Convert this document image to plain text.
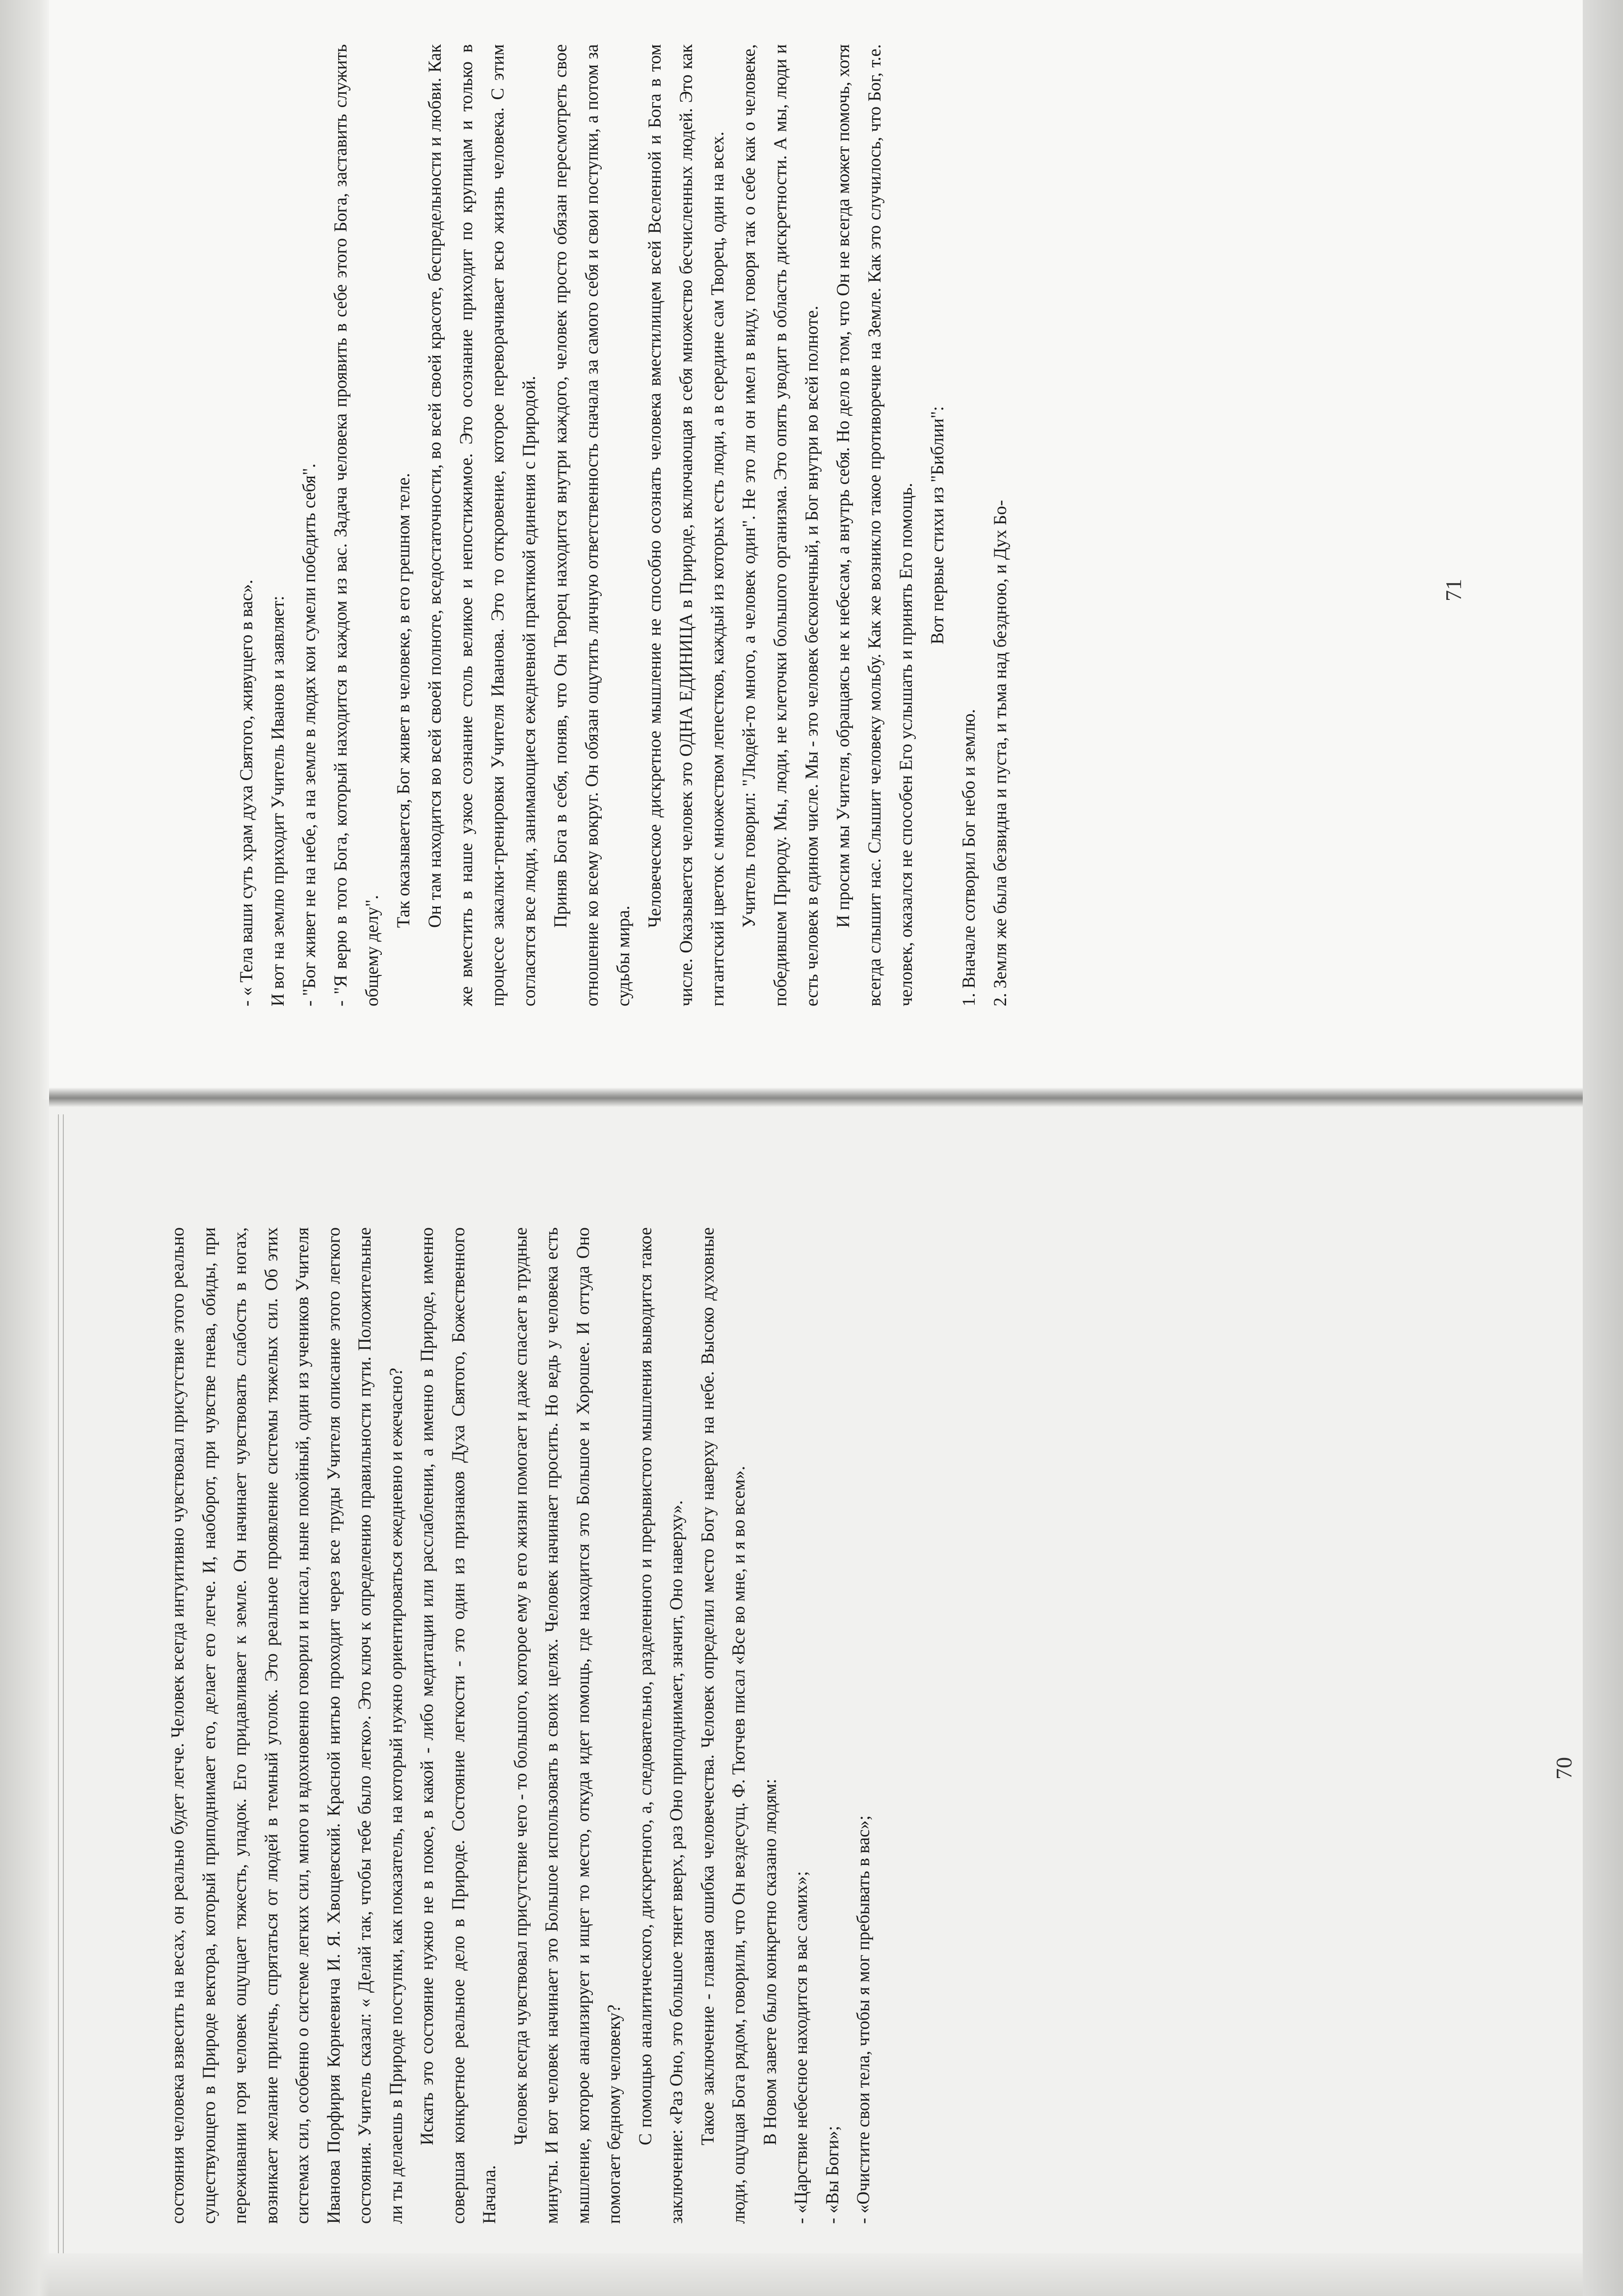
- « Тела ваши суть храм духа Святого, живущего в вас». И вот на землю приходит Учитель Иванов и заявляет: - "Бог живет не на небе, а на земле в людях кои сумели победить себя". - "Я верю в того Бога, который находится в каждом из вас. Задача человека проявить в себе этого Бога, заставить служить общему делу".

Так оказывается, Бог живет в человеке, в его грешном теле. Он там находится во всей своей полноте, вседостаточности, во всей своей красоте, беспредельности и любви. Как же вместить в наше узкое сознание столь великое и непостижимое. Это осознание приходит по крупицам и только в процессе закалки-тренировки Учителя Иванова. Это то откровение, которое переворачивает всю жизнь человека. С этим согласятся все люди, занимающиеся ежедневной практикой единения с Природой. Приняв Бога в себя, поняв, что Он Творец находится внутри каждого, человек просто обязан пересмотреть свое отношение ко всему вокруг. Он обязан ощутить личную ответственность сначала за самого себя и свои поступки, а потом за судьбы мира.

Человеческое дискретное мышление не способно осознать человека вместилищем всей Вселенной и Бога в том числе. Оказывается человек это ОДНА ЕДИНИЦА в Природе, включающая в себя множество бесчисленных людей. Это как гигантский цветок с множеством лепестков, каждый из которых есть люди, а в середине сам Творец, один на всех. Учитель говорил: "Людей-то много, а человек один". Не это ли он имел в виду, говоря так о себе как о человеке, победившем Природу. Мы, люди, не клеточки большого организма. Это опять уводит в область дискретности. А мы, люди и есть человек в едином числе. Мы - это человек бесконечный, и Бог внутри во всей полноте. И просим мы Учителя, обращаясь не к небесам, а внутрь себя. Но дело в том, что Он не всегда может помочь, хотя всегда слышит нас. Слышит человеку мольбу. Как же возникло такое противоречие на Земле. Как это случилось, что Бог, т.е. человек, оказался не способен Его услышать и принять Его помощь. Вот первые стихи из "Библии":

1. Вначале сотворил Бог небо и землю. 2. Земля же была безвидна и пуста, и тьма над бездною, и Дух Бо-	71

состояния человека взвесить на весах, он реально будет легче. Человек всегда интуитивно чувствовал присутствие этого реально существующего в Природе вектора, который приподнимает его, делает его легче. И, наоборот, при чувстве гнева, обиды, при переживании горя человек ощущает тяжесть, упадок. Его придавливает к земле. Он начинает чувствовать слабость в ногах, возникает желание прилечь, спрятаться от людей в темный уголок. Это реальное проявление системы тяжелых сил. Об этих системах сил, особенно о системе легких сил, много и вдохновенно говорил и писал, ныне покойный, один из учеников Учителя Иванова Порфирия Корнеевича И. Я. Хвощевский. Красной нитью проходит через все труды Учителя описание этого легкого состояния. Учитель сказал: « Делай так, чтобы тебе было легко». Это ключ к определению правильности пути. Положительные ли ты делаешь в Природе поступки, как показатель, на который нужно ориентироваться ежедневно и ежечасно? Искать это состояние нужно не в покое, в какой - либо медитации или расслаблении, а именно в Природе, именно совершая конкретное реальное дело в Природе. Состояние легкости - это один из признаков Духа Святого, Божественного Начала.

Человек всегда чувствовал присутствие чего - то большого, которое ему в его жизни помогает и даже спасает в трудные минуты. И вот человек начинает это Большое использовать в своих целях. Человек начинает просить. Но ведь у человека есть мышление, которое анализирует и ищет то место, откуда идет помощь, где находится это Большое и Хорошее. И оттуда Оно помогает бедному человеку? С помощью аналитического, дискретного, а, следовательно, разделенного и прерывистого мышления выводится такое заключение: «Раз Оно, это большое тянет вверх, раз Оно приподнимает, значит, Оно наверху». Такое заключение - главная ошибка человечества. Человек определил место Богу наверху на небе. Высоко духовные люди, ощущая Бога рядом, говорили, что Он вездесущ. Ф. Тютчев писал «Все во мне, и я во всем». В Новом завете было конкретно сказано людям: - «Царствие небесное находится в вас самих»; - «Вы Боги»; - «Очистите свои тела, чтобы я мог пребывать в вас»;

70
